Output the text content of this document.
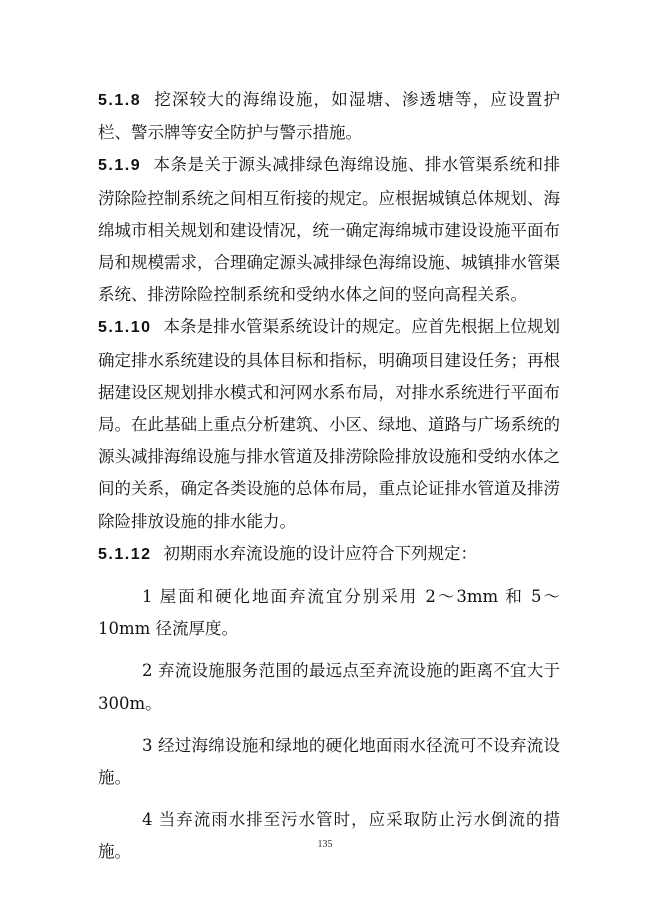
5.1.8 挖深较大的海绵设施，如湿塘、渗透塘等，应设置护栏、警示牌等安全防护与警示措施。

5.1.9 本条是关于源头减排绿色海绵设施、排水管渠系统和排涝除险控制系统之间相互衔接的规定。应根据城镇总体规划、海绵城市相关规划和建设情况，统一确定海绵城市建设设施平面布局和规模需求，合理确定源头减排绿色海绵设施、城镇排水管渠系统、排涝除险控制系统和受纳水体之间的竖向高程关系。

5.1.10 本条是排水管渠系统设计的规定。应首先根据上位规划确定排水系统建设的具体目标和指标，明确项目建设任务；再根据建设区规划排水模式和河网水系布局，对排水系统进行平面布局。在此基础上重点分析建筑、小区、绿地、道路与广场系统的源头减排海绵设施与排水管道及排涝除险排放设施和受纳水体之间的关系，确定各类设施的总体布局，重点论证排水管道及排涝除险排放设施的排水能力。

5.1.12 初期雨水弃流设施的设计应符合下列规定：

1 屋面和硬化地面弃流宜分别采用 2～3mm 和 5～10mm 径流厚度。

2 弃流设施服务范围的最远点至弃流设施的距离不宜大于300m。

3 经过海绵设施和绿地的硬化地面雨水径流可不设弃流设施。

4 当弃流雨水排至污水管时，应采取防止污水倒流的措施。	135
